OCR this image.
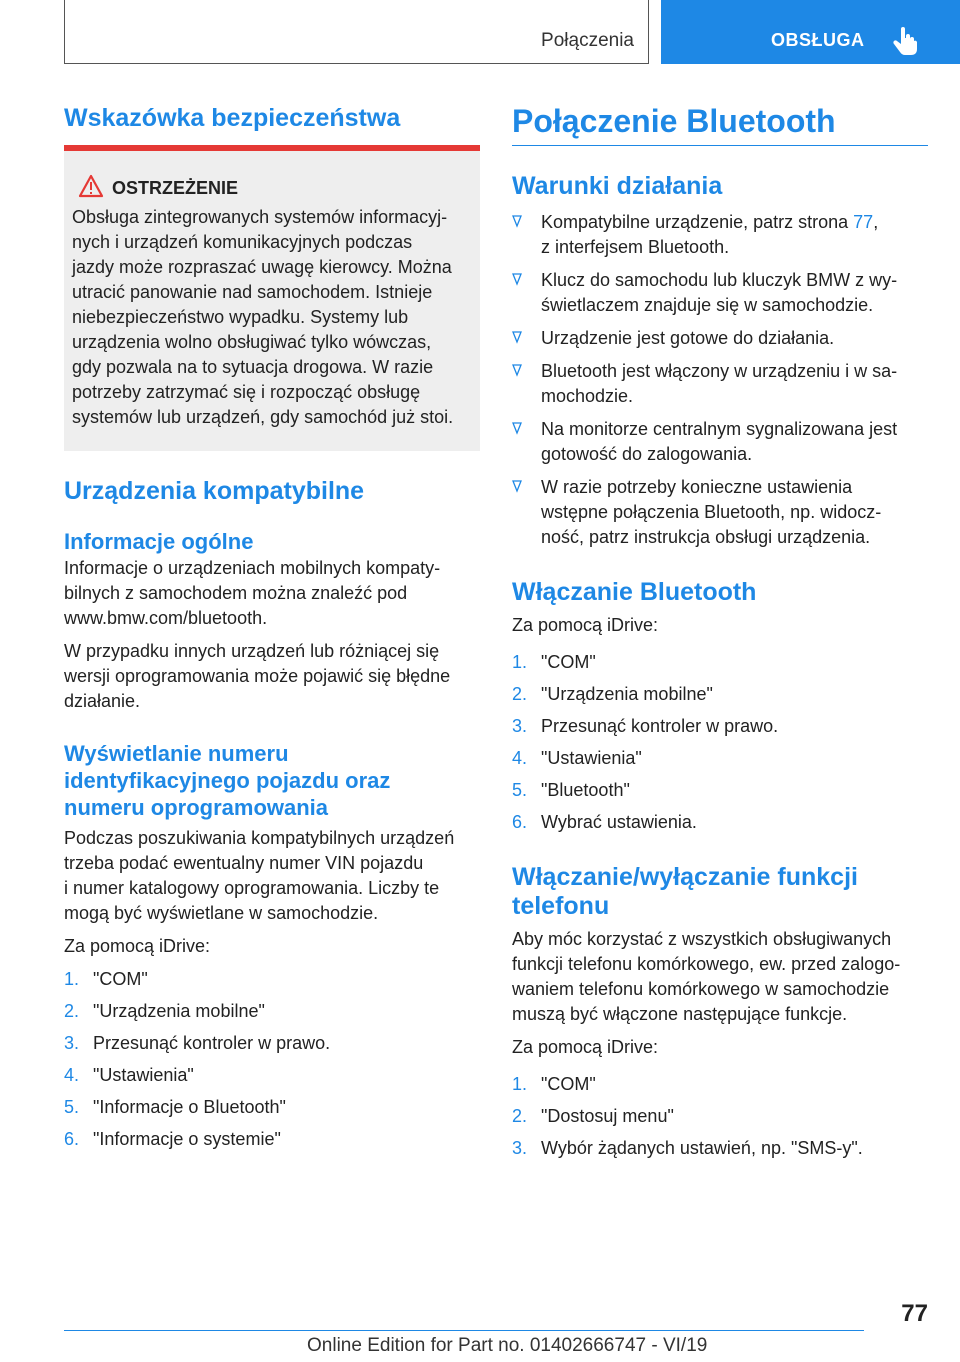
Połączenia	OBSŁUGA
Wskazówka bezpieczeństwa
OSTRZEŻENIE
Obsługa zintegrowanych systemów informacyj-
nych i urządzeń komunikacyjnych podczas
jazdy może rozpraszać uwagę kierowcy. Można
utracić panowanie nad samochodem. Istnieje
niebezpieczeństwo wypadku. Systemy lub
urządzenia wolno obsługiwać tylko wówczas,
gdy pozwala na to sytuacja drogowa. W razie
potrzeby zatrzymać się i rozpocząć obsługę
systemów lub urządzeń, gdy samochód już stoi.
Urządzenia kompatybilne
Informacje ogólne
Informacje o urządzeniach mobilnych kompaty-
bilnych z samochodem można znaleźć pod
www.bmw.com/bluetooth.
W przypadku innych urządzeń lub różniącej się
wersji oprogramowania może pojawić się błędne
działanie.
Wyświetlanie numeru
identyfikacyjnego pojazdu oraz
numeru oprogramowania
Podczas poszukiwania kompatybilnych urządzeń
trzeba podać ewentualny numer VIN pojazdu
i numer katalogowy oprogramowania. Liczby te
mogą być wyświetlane w samochodzie.
Za pomocą iDrive:
1. "COM"
2. "Urządzenia mobilne"
3. Przesunąć kontroler w prawo.
4. "Ustawienia"
5. "Informacje o Bluetooth"
6. "Informacje o systemie"
Połączenie Bluetooth
Warunki działania
Kompatybilne urządzenie, patrz strona 77,
z interfejsem Bluetooth.
Klucz do samochodu lub kluczyk BMW z wy-
świetlaczem znajduje się w samochodzie.
Urządzenie jest gotowe do działania.
Bluetooth jest włączony w urządzeniu i w sa-
mochodzie.
Na monitorze centralnym sygnalizowana jest
gotowość do zalogowania.
W razie potrzeby konieczne ustawienia
wstępne połączenia Bluetooth, np. widocz-
ność, patrz instrukcja obsługi urządzenia.
Włączanie Bluetooth
Za pomocą iDrive:
1. "COM"
2. "Urządzenia mobilne"
3. Przesunąć kontroler w prawo.
4. "Ustawienia"
5. "Bluetooth"
6. Wybrać ustawienia.
Włączanie/wyłączanie funkcji
telefonu
Aby móc korzystać z wszystkich obsługiwanych
funkcji telefonu komórkowego, ew. przed zalogo-
waniem telefonu komórkowego w samochodzie
muszą być włączone następujące funkcje.
Za pomocą iDrive:
1. "COM"
2. "Dostosuj menu"
3. Wybór żądanych ustawień, np. "SMS-y".
77
Online Edition for Part no. 01402666747 - VI/19
